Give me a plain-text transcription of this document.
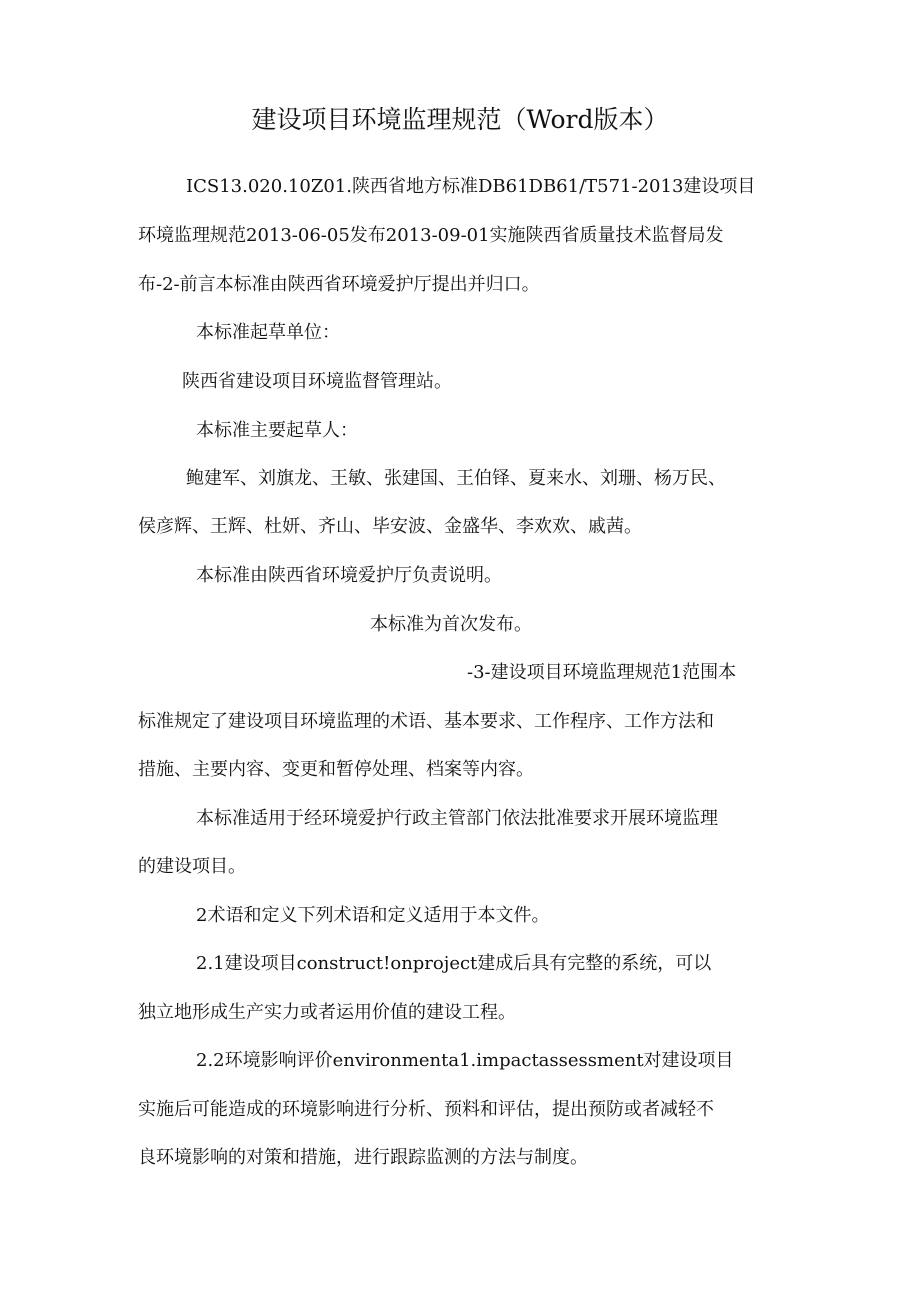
建设项目环境监理规范（Word版本）
ICS13.020.10Z01.陕西省地方标准DB61DB61/T571-2013建设项目
环境监理规范2013-06-05发布2013-09-01实施陕西省质量技术监督局发
布-2-前言本标准由陕西省环境爱护厅提出并归口。
本标准起草单位：
陕西省建设项目环境监督管理站。
本标准主要起草人：
鲍建军、刘旗龙、王敏、张建国、王伯铎、夏来水、刘珊、杨万民、
侯彦辉、王辉、杜妍、齐山、毕安波、金盛华、李欢欢、戚茜。
本标准由陕西省环境爱护厅负责说明。
本标准为首次发布。
-3-建设项目环境监理规范1范围本
标准规定了建设项目环境监理的术语、基本要求、工作程序、工作方法和
措施、主要内容、变更和暂停处理、档案等内容。
本标准适用于经环境爱护行政主管部门依法批准要求开展环境监理
的建设项目。
2术语和定义下列术语和定义适用于本文件。
2.1建设项目construct!onproject建成后具有完整的系统，可以
独立地形成生产实力或者运用价值的建设工程。
2.2环境影响评价environmenta1.impactassessment对建设项目
实施后可能造成的环境影响进行分析、预料和评估，提出预防或者减轻不
良环境影响的对策和措施，进行跟踪监测的方法与制度。
